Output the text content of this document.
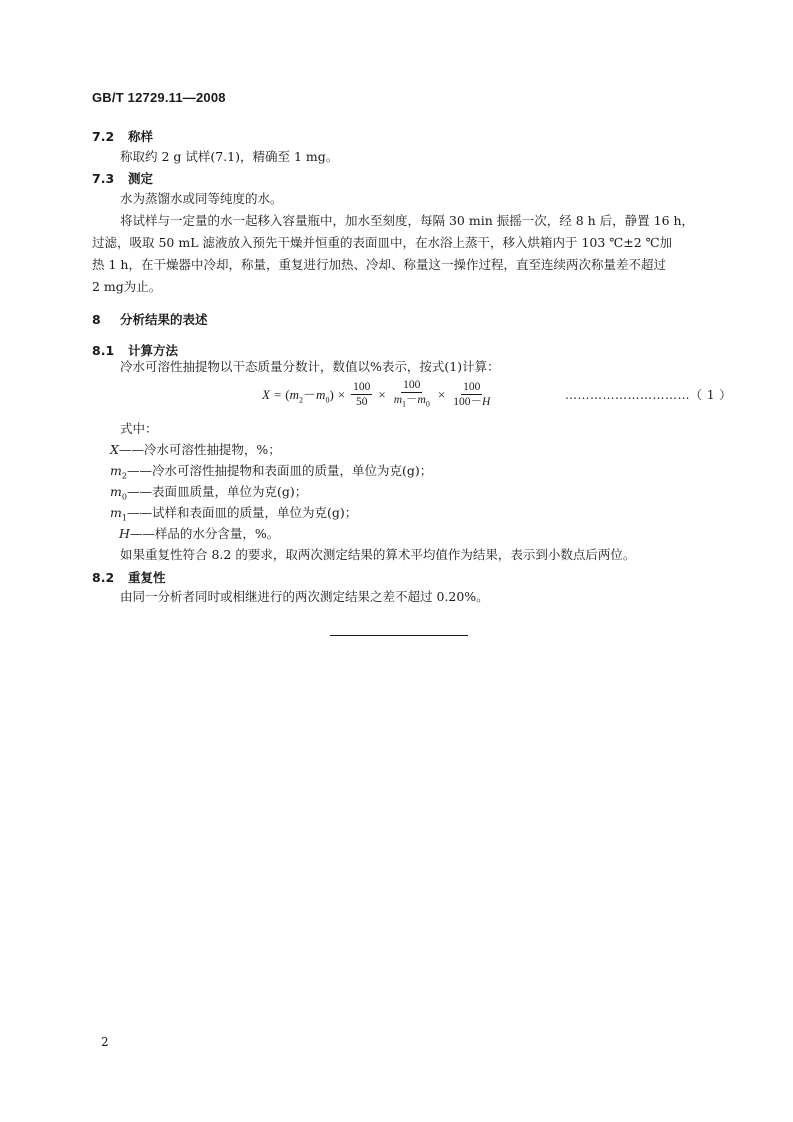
GB/T 12729.11—2008
7.2 称样
称取约 2 g 试样(7.1)，精确至 1 mg。
7.3 测定
水为蒸馏水或同等纯度的水。
将试样与一定量的水一起移入容量瓶中，加水至刻度，每隔 30 min 振摇一次，经 8 h 后，静置 16 h，
过滤，吸取 50 mL 滤液放入预先干燥并恒重的表面皿中，在水浴上蒸干，移入烘箱内于 103 ℃±2 ℃加
热 1 h，在干燥器中冷却，称量，重复进行加热、冷却、称量这一操作过程，直至连续两次称量差不超过
2 mg为止。
8 分析结果的表述
8.1 计算方法
冷水可溶性抽提物以干态质量分数计，数值以%表示，按式(1)计算：
$X = (m_2-m_0) \times \frac{100}{50} \times \frac{100}{m_1-m_0} \times \frac{100}{100-H}$	…………………………（ 1 ）
式中：
X——冷水可溶性抽提物，%；
$m_2——$冷水可溶性抽提物和表面皿的质量，单位为克(g)；
$m_0——$表面皿质量，单位为克(g)；
$m_1——$试样和表面皿的质量，单位为克(g)；
H——样品的水分含量，%。
如果重复性符合 8.2 的要求，取两次测定结果的算术平均值作为结果，表示到小数点后两位。
8.2 重复性
由同一分析者同时或相继进行的两次测定结果之差不超过 0.20%。
2
